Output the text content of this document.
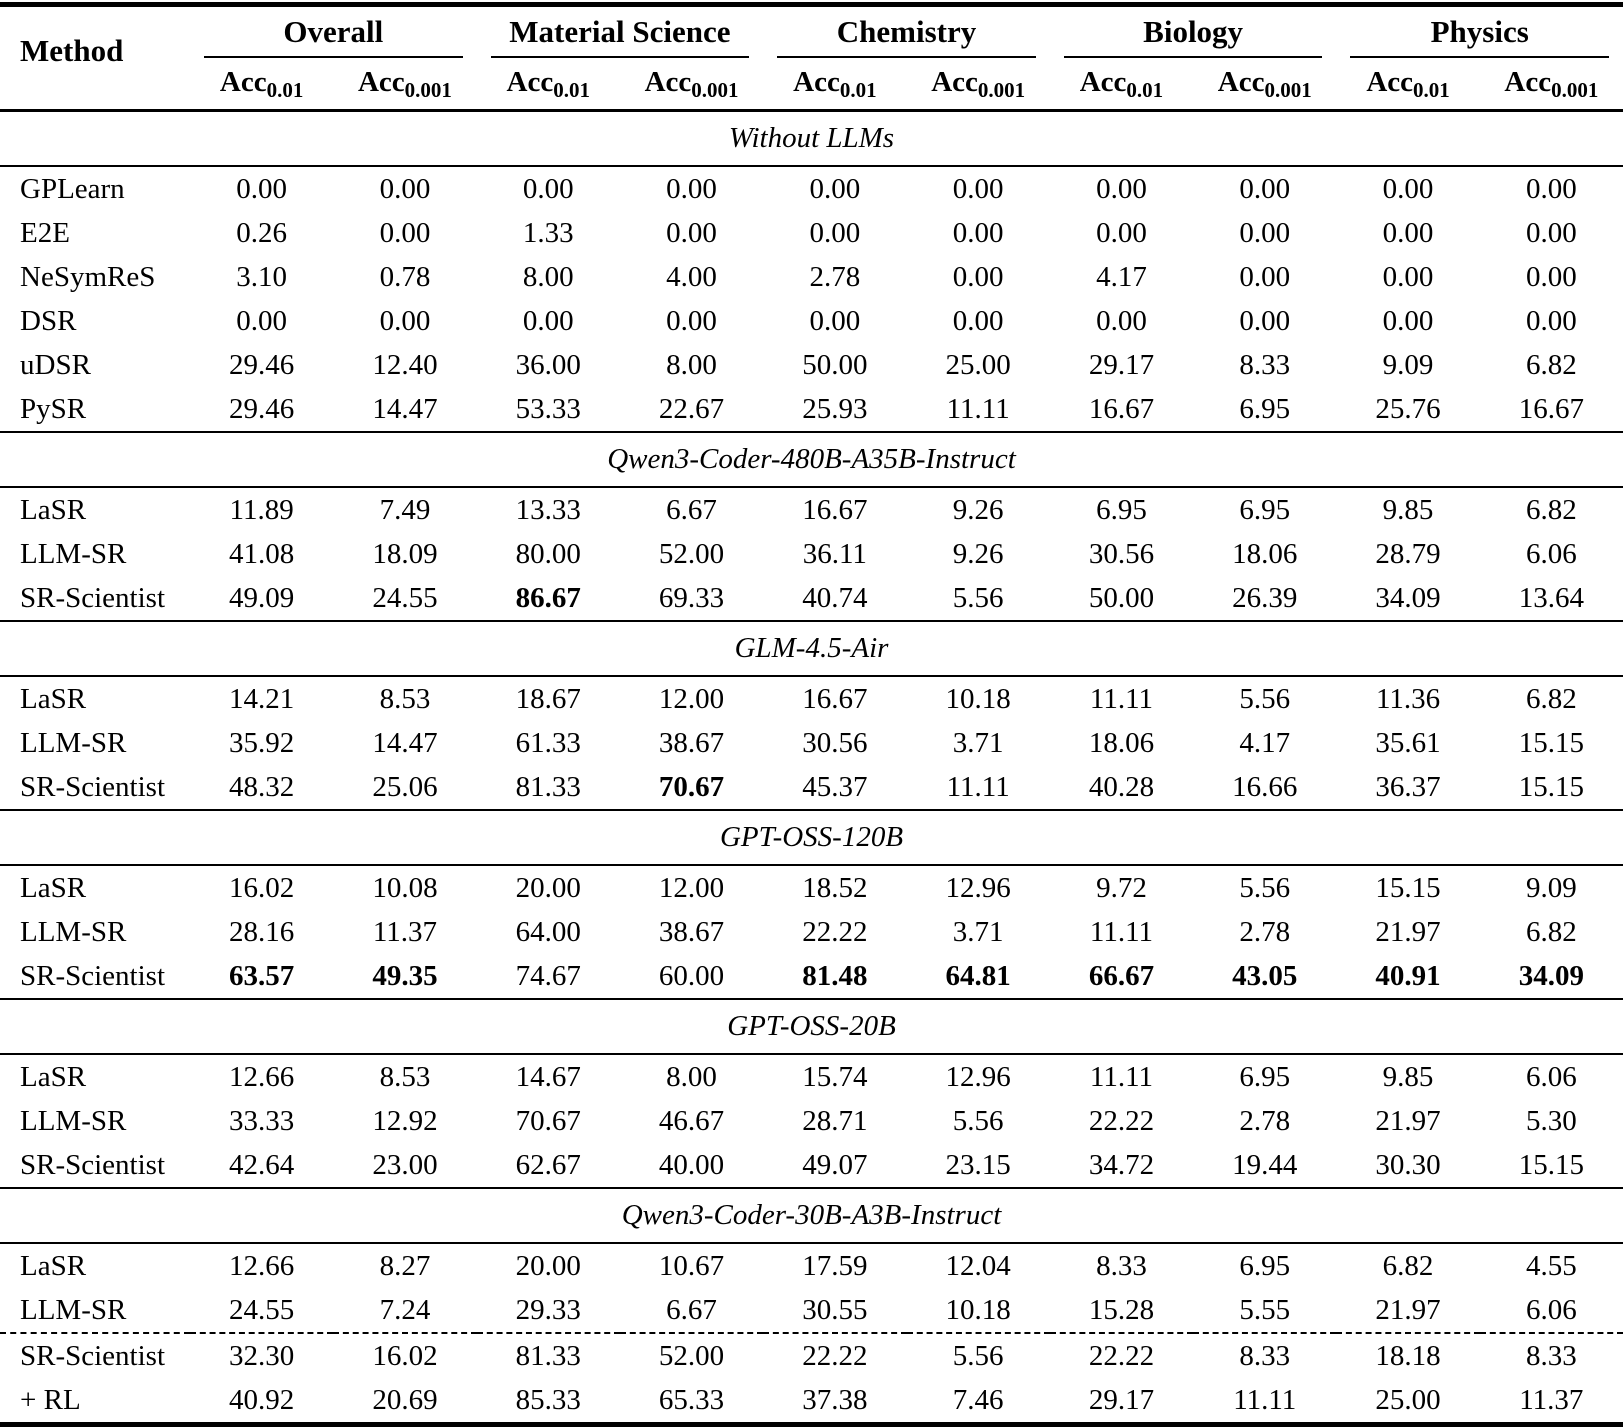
Method	Overall		Material Science		Chemistry		Biology		Physics	

	Acc$_{0.01}$	Acc$_{0.001}$	Acc$_{0.01}$	Acc$_{0.001}$	Acc$_{0.01}$	Acc$_{0.001}$	Acc$_{0.01}$	Acc$_{0.001}$	Acc$_{0.01}$	Acc$_{0.001}$
Without LLMs										
GPLearn	0.00	0.00	0.00	0.00	0.00	0.00	0.00	0.00	0.00	0.00
E2E	0.26	0.00	1.33	0.00	0.00	0.00	0.00	0.00	0.00	0.00
NeSymReS	3.10	0.78	8.00	4.00	2.78	0.00	4.17	0.00	0.00	0.00
DSR	0.00	0.00	0.00	0.00	0.00	0.00	0.00	0.00	0.00	0.00
uDSR	29.46	12.40	36.00	8.00	50.00	25.00	29.17	8.33	9.09	6.82
PySR	29.46	14.47	53.33	22.67	25.93	11.11	16.67	6.95	25.76	16.67
Qwen3-Coder-480B-A35B-Instruct										
LaSR	11.89	7.49	13.33	6.67	16.67	9.26	6.95	6.95	9.85	6.82
LLM-SR	41.08	18.09	80.00	52.00	36.11	9.26	30.56	18.06	28.79	6.06
SR-Scientist	49.09	24.55	86.67	69.33	40.74	5.56	50.00	26.39	34.09	13.64
GLM-4.5-Air										
LaSR	14.21	8.53	18.67	12.00	16.67	10.18	11.11	5.56	11.36	6.82
LLM-SR	35.92	14.47	61.33	38.67	30.56	3.71	18.06	4.17	35.61	15.15
SR-Scientist	48.32	25.06	81.33	70.67	45.37	11.11	40.28	16.66	36.37	15.15
GPT-OSS-120B										
LaSR	16.02	10.08	20.00	12.00	18.52	12.96	9.72	5.56	15.15	9.09
LLM-SR	28.16	11.37	64.00	38.67	22.22	3.71	11.11	2.78	21.97	6.82
SR-Scientist	63.57	49.35	74.67	60.00	81.48	64.81	66.67	43.05	40.91	34.09
GPT-OSS-20B										
LaSR	12.66	8.53	14.67	8.00	15.74	12.96	11.11	6.95	9.85	6.06
LLM-SR	33.33	12.92	70.67	46.67	28.71	5.56	22.22	2.78	21.97	5.30
SR-Scientist	42.64	23.00	62.67	40.00	49.07	23.15	34.72	19.44	30.30	15.15
Qwen3-Coder-30B-A3B-Instruct										
LaSR	12.66	8.27	20.00	10.67	17.59	12.04	8.33	6.95	6.82	4.55
LLM-SR	24.55	7.24	29.33	6.67	30.55	10.18	15.28	5.55	21.97	6.06
SR-Scientist	32.30	16.02	81.33	52.00	22.22	5.56	22.22	8.33	18.18	8.33
+ RL	40.92	20.69	85.33	65.33	37.38	7.46	29.17	11.11	25.00	11.37
